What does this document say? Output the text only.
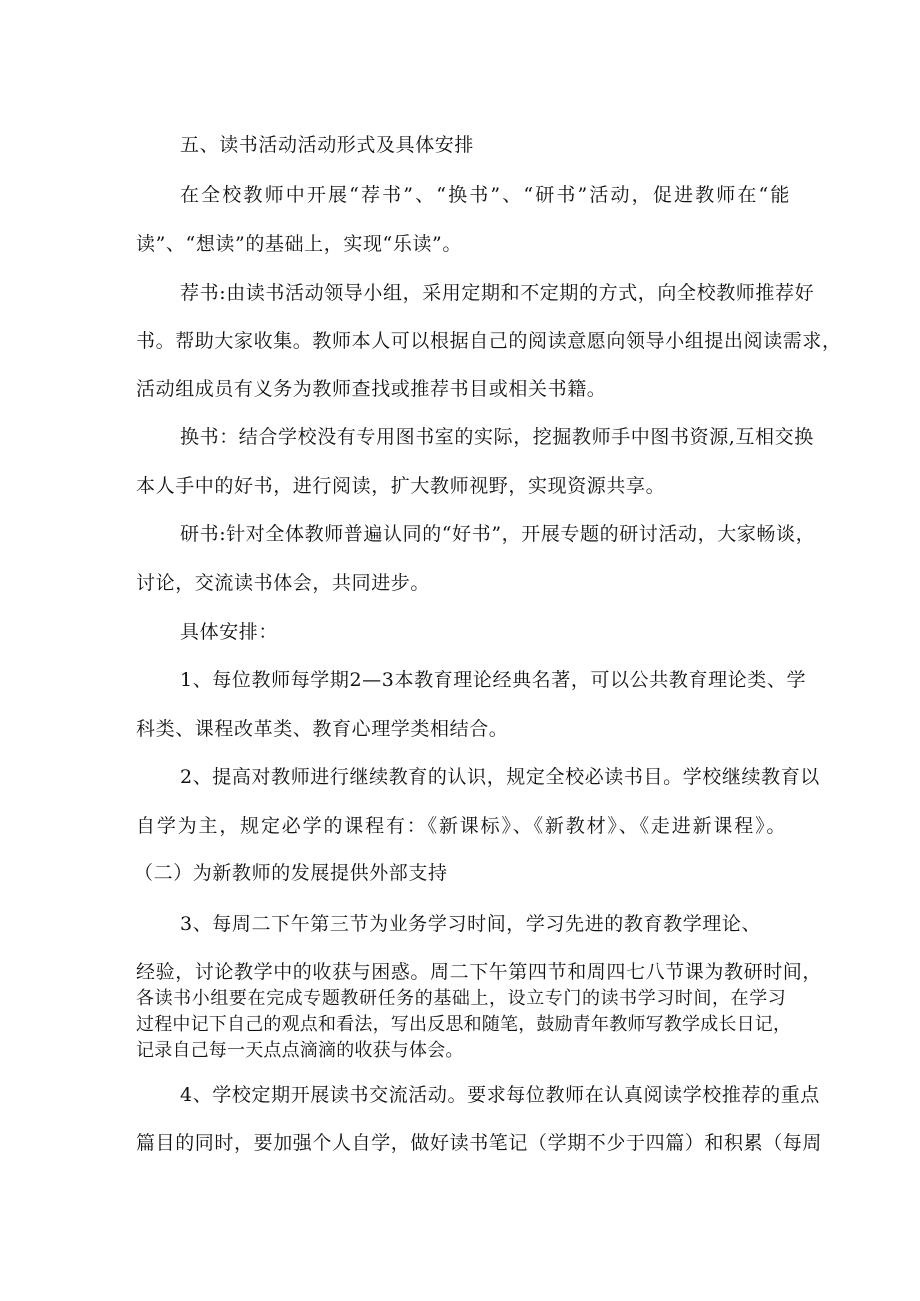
五、读书活动活动形式及具体安排
在全校教师中开展“荐书”、“换书”、“研书”活动，促进教师在“能
读”、“想读”的基础上，实现“乐读”。
荐书:由读书活动领导小组，采用定期和不定期的方式，向全校教师推荐好
书。帮助大家收集。教师本人可以根据自己的阅读意愿向领导小组提出阅读需求，
活动组成员有义务为教师查找或推荐书目或相关书籍。
换书：结合学校没有专用图书室的实际，挖掘教师手中图书资源,互相交换
本人手中的好书，进行阅读，扩大教师视野，实现资源共享。
研书:针对全体教师普遍认同的“好书”，开展专题的研讨活动，大家畅谈，
讨论，交流读书体会，共同进步。
具体安排：
1、每位教师每学期2—3本教育理论经典名著，可以公共教育理论类、学
科类、课程改革类、教育心理学类相结合。
2、提高对教师进行继续教育的认识，规定全校必读书目。学校继续教育以
自学为主，规定必学的课程有：《新课标》、《新教材》、《走进新课程》。
（二）为新教师的发展提供外部支持
3、每周二下午第三节为业务学习时间，学习先进的教育教学理论、
经验，讨论教学中的收获与困惑。周二下午第四节和周四七八节课为教研时间，
各读书小组要在完成专题教研任务的基础上，设立专门的读书学习时间，在学习
过程中记下自己的观点和看法，写出反思和随笔，鼓励青年教师写教学成长日记，
记录自己每一天点点滴滴的收获与体会。
4、学校定期开展读书交流活动。要求每位教师在认真阅读学校推荐的重点
篇目的同时，要加强个人自学，做好读书笔记（学期不少于四篇）和积累（每周
